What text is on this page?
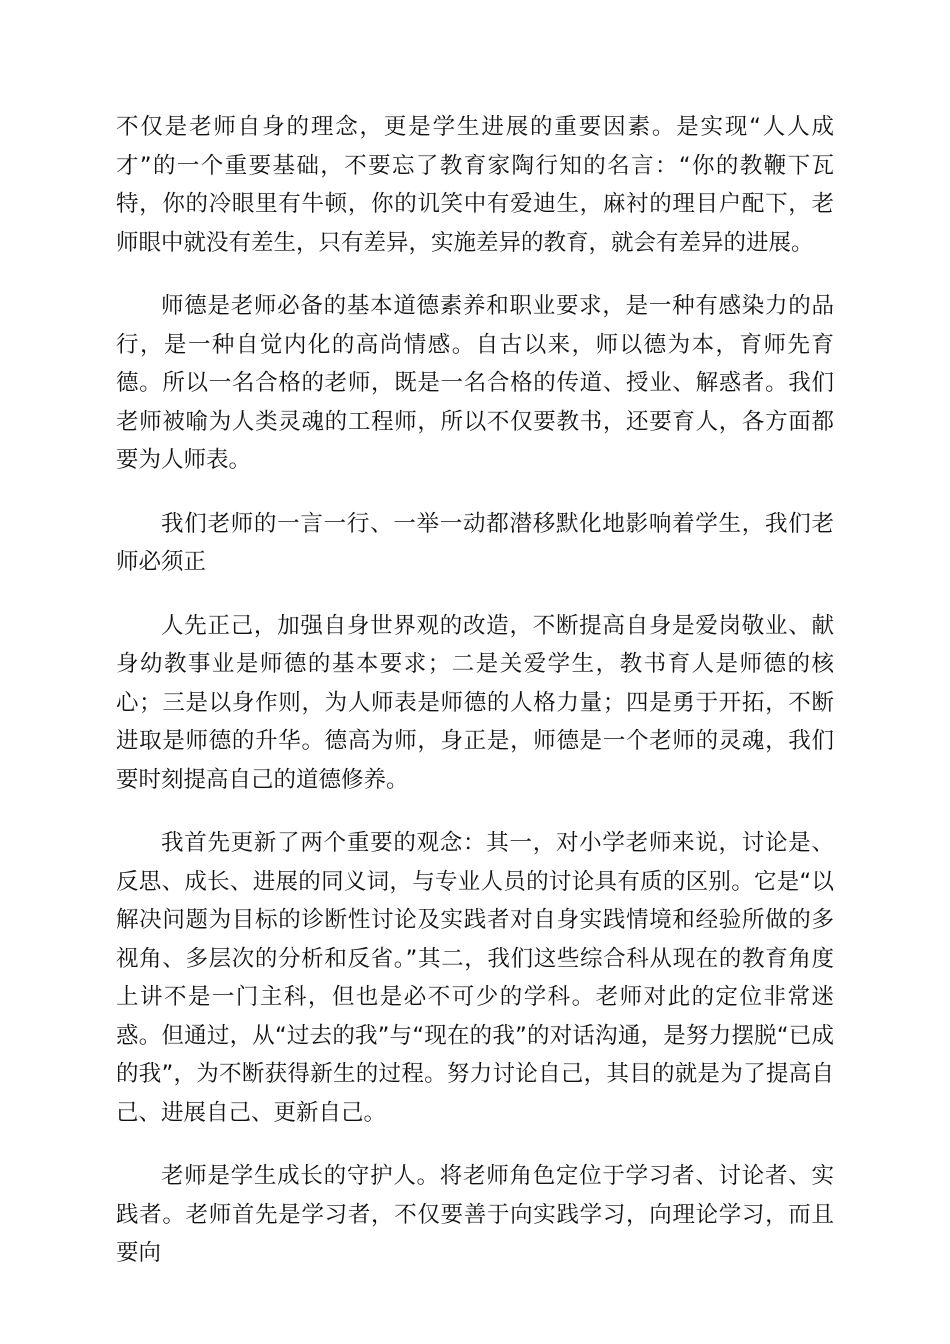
不仅是老师自身的理念，更是学生进展的重要因素。是实现“人人成才”的一个重要基础，不要忘了教育家陶行知的名言：“你的教鞭下瓦特，你的冷眼里有牛顿，你的讥笑中有爱迪生，麻衬的理目户配下，老师眼中就没有差生，只有差异，实施差异的教育，就会有差异的进展。

师德是老师必备的基本道德素养和职业要求，是一种有感染力的品行，是一种自觉内化的高尚情感。自古以来，师以德为本，育师先育德。所以一名合格的老师，既是一名合格的传道、授业、解惑者。我们老师被喻为人类灵魂的工程师，所以不仅要教书，还要育人，各方面都要为人师表。

我们老师的一言一行、一举一动都潜移默化地影响着学生，我们老师必须正

人先正己，加强自身世界观的改造，不断提高自身是爱岗敬业、献身幼教事业是师德的基本要求；二是关爱学生，教书育人是师德的核心；三是以身作则，为人师表是师德的人格力量；四是勇于开拓，不断进取是师德的升华。德高为师，身正是，师德是一个老师的灵魂，我们要时刻提高自己的道德修养。

我首先更新了两个重要的观念：其一，对小学老师来说，讨论是、反思、成长、进展的同义词，与专业人员的讨论具有质的区别。它是“以解决问题为目标的诊断性讨论及实践者对自身实践情境和经验所做的多视角、多层次的分析和反省。”其二，我们这些综合科从现在的教育角度上讲不是一门主科，但也是必不可少的学科。老师对此的定位非常迷惑。但通过，从“过去的我”与“现在的我”的对话沟通，是努力摆脱“已成的我”，为不断获得新生的过程。努力讨论自己，其目的就是为了提高自己、进展自己、更新自己。

老师是学生成长的守护人。将老师角色定位于学习者、讨论者、实践者。老师首先是学习者，不仅要善于向实践学习，向理论学习，而且要向
